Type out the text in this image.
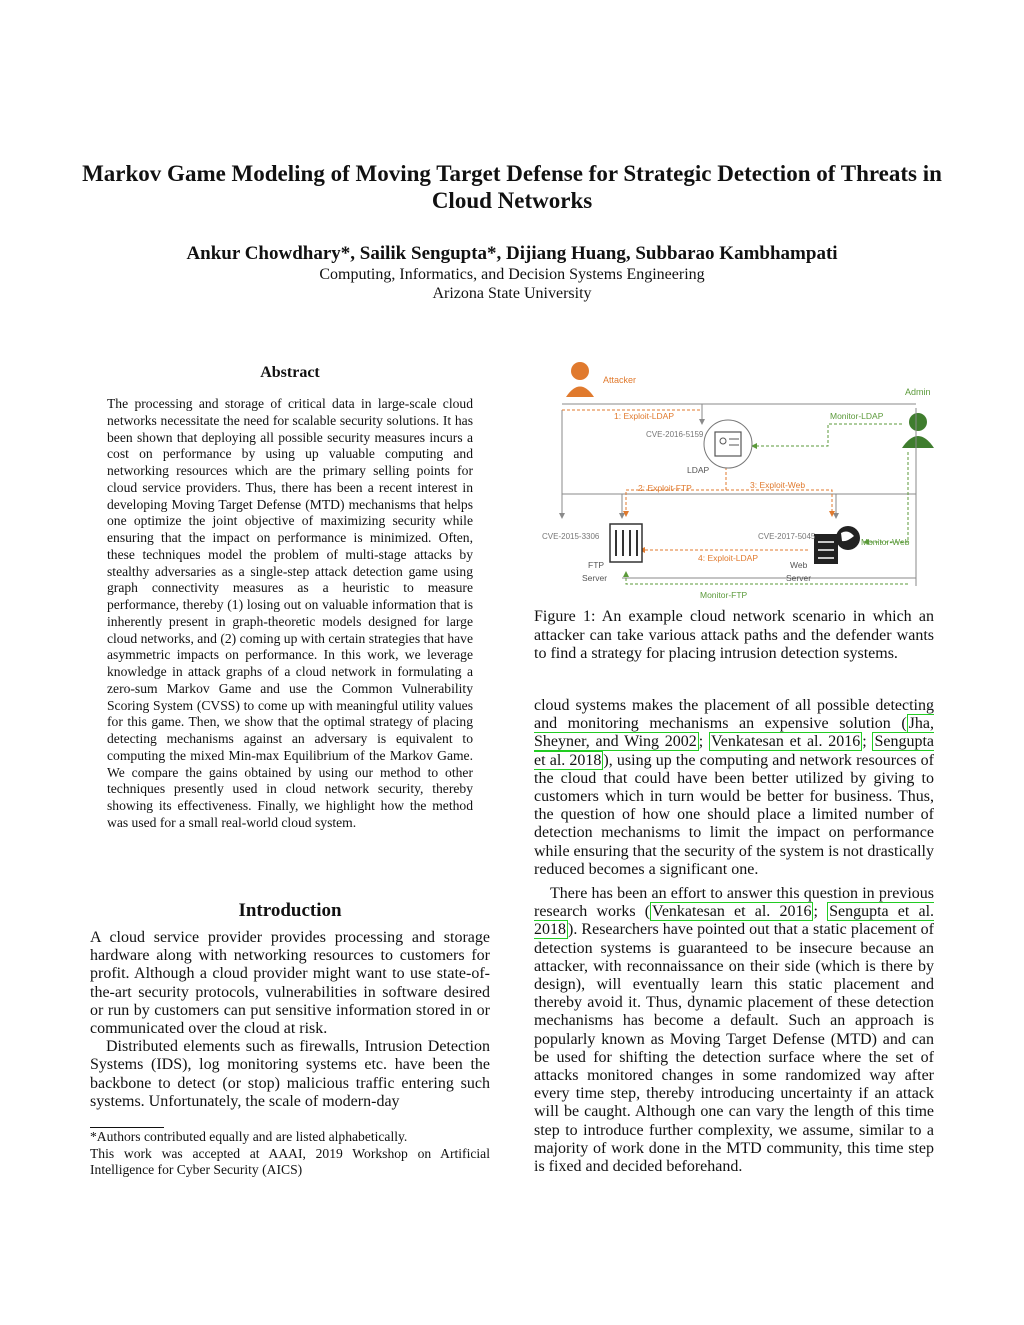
Markov Game Modeling of Moving Target Defense for Strategic Detection of Threats in Cloud Networks
Ankur Chowdhary*, Sailik Sengupta*, Dijiang Huang, Subbarao Kambhampati
Computing, Informatics, and Decision Systems Engineering
Arizona State University
Abstract
The processing and storage of critical data in large-scale cloud networks necessitate the need for scalable security solutions. It has been shown that deploying all possible security measures incurs a cost on performance by using up valuable computing and networking resources which are the primary selling points for cloud service providers. Thus, there has been a recent interest in developing Moving Target Defense (MTD) mechanisms that helps one optimize the joint objective of maximizing security while ensuring that the impact on performance is minimized. Often, these techniques model the problem of multi-stage attacks by stealthy adversaries as a single-step attack detection game using graph connectivity measures as a heuristic to measure performance, thereby (1) losing out on valuable information that is inherently present in graph-theoretic models designed for large cloud networks, and (2) coming up with certain strategies that have asymmetric impacts on performance. In this work, we leverage knowledge in attack graphs of a cloud network in formulating a zero-sum Markov Game and use the Common Vulnerability Scoring System (CVSS) to come up with meaningful utility values for this game. Then, we show that the optimal strategy of placing detecting mechanisms against an adversary is equivalent to computing the mixed Min-max Equilibrium of the Markov Game. We compare the gains obtained by using our method to other techniques presently used in cloud network security, thereby showing its effectiveness. Finally, we highlight how the method was used for a small real-world cloud system.
Introduction

A cloud service provider provides processing and storage hardware along with networking resources to customers for profit. Although a cloud provider might want to use state-of-the-art security protocols, vulnerabilities in software desired or run by customers can put sensitive information stored in or communicated over the cloud at risk.

Distributed elements such as firewalls, Intrusion Detection Systems (IDS), log monitoring systems etc. have been the backbone to detect (or stop) malicious traffic entering such systems. Unfortunately, the scale of modern-day

*Authors contributed equally and are listed alphabetically.
This work was accepted at AAAI, 2019 Workshop on Artificial Intelligence for Cyber Security (AICS)
Attacker
Admin
1: Exploit-LDAP
2: Exploit-FTP	3: Exploit-Web
4: Exploit-LDAP
Monitor-LDAP
Monitor-Web
Monitor-FTP
CVE-2016-5159
LDAP
CVE-2015-3306
FTP
Server
CVE-2017-5045
Web
Server
Figure 1: An example cloud network scenario in which an attacker can take various attack paths and the defender wants to find a strategy for placing intrusion detection systems.

cloud systems makes the placement of all possible detecting and monitoring mechanisms an expensive solution ( Jha, Sheyner, and Wing 2002 ; Venkatesan et al. 2016 ; Sengupta et al. 2018 ), using up the computing and network resources of the cloud that could have been better utilized by giving to customers which in turn would be better for business. Thus, the question of how one should place a limited number of detection mechanisms to limit the impact on performance while ensuring that the security of the system is not drastically reduced becomes a significant one.

There has been an effort to answer this question in previous research works ( Venkatesan et al. 2016 ; Sengupta et al. 2018 ). Researchers have pointed out that a static placement of detection systems is guaranteed to be insecure because an attacker, with reconnaissance on their side (which is there by design), will eventually learn this static placement and thereby avoid it. Thus, dynamic placement of these detection mechanisms has become a default. Such an approach is popularly known as Moving Target Defense (MTD) and can be used for shifting the detection surface where the set of attacks monitored changes in some randomized way after every time step, thereby introducing uncertainty if an attack will be caught. Although one can vary the length of this time step to introduce further complexity, we assume, similar to a majority of work done in the MTD community, this time step is fixed and decided beforehand.
